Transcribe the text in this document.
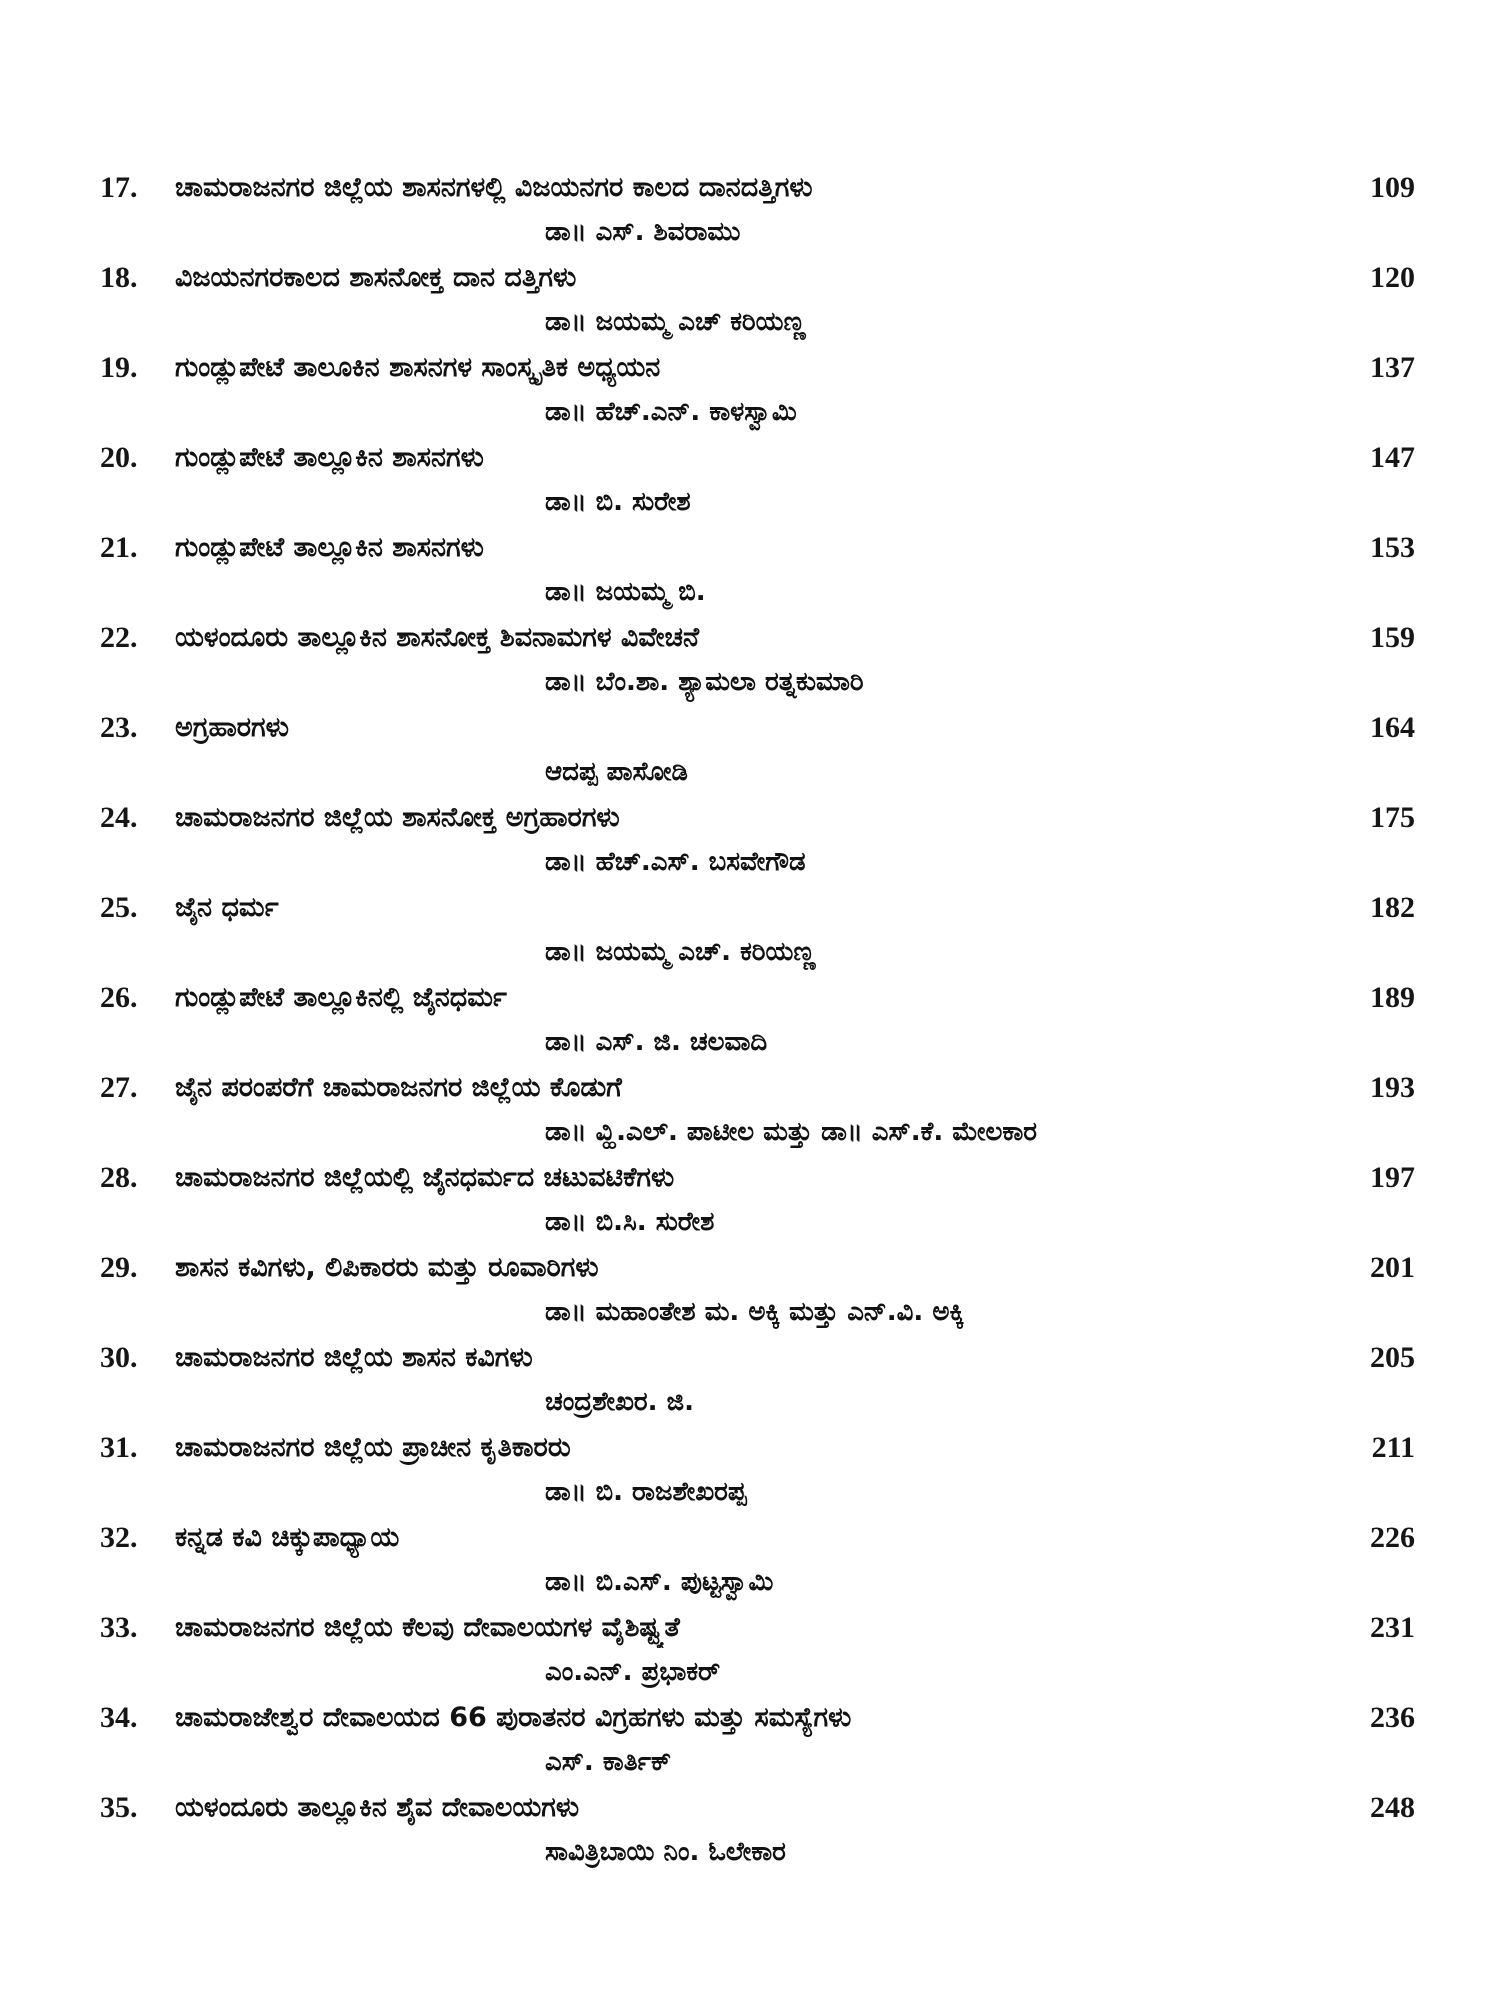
17.	ಚಾಮರಾಜನಗರ ಜಿಲ್ಲೆಯ ಶಾಸನಗಳಲ್ಲಿ ವಿಜಯನಗರ ಕಾಲದ ದಾನದತ್ತಿಗಳು	109
ಡಾ॥ ಎಸ್. ಶಿವರಾಮು
18.	ವಿಜಯನಗರಕಾಲದ ಶಾಸನೋಕ್ತ ದಾನ ದತ್ತಿಗಳು	120
ಡಾ॥ ಜಯಮ್ಮ ಎಚ್ ಕರಿಯಣ್ಣ
19.	ಗುಂಡ್ಲುಪೇಟೆ ತಾಲೂಕಿನ ಶಾಸನಗಳ ಸಾಂಸ್ಕೃತಿಕ ಅಧ್ಯಯನ	137
ಡಾ॥ ಹೆಚ್.ಎನ್. ಕಾಳಸ್ವಾಮಿ
20.	ಗುಂಡ್ಲುಪೇಟೆ ತಾಲ್ಲೂಕಿನ ಶಾಸನಗಳು	147
ಡಾ॥ ಬಿ. ಸುರೇಶ
21.	ಗುಂಡ್ಲುಪೇಟೆ ತಾಲ್ಲೂಕಿನ ಶಾಸನಗಳು	153
ಡಾ॥ ಜಯಮ್ಮ ಬಿ.
22.	ಯಳಂದೂರು ತಾಲ್ಲೂಕಿನ ಶಾಸನೋಕ್ತ ಶಿವನಾಮಗಳ ವಿವೇಚನೆ	159
ಡಾ॥ ಬೆಂ.ಶಾ. ಶ್ಯಾಮಲಾ ರತ್ನಕುಮಾರಿ
23.	ಅಗ್ರಹಾರಗಳು	164
ಆದಪ್ಪ ಪಾಸೋಡಿ
24.	ಚಾಮರಾಜನಗರ ಜಿಲ್ಲೆಯ ಶಾಸನೋಕ್ತ ಅಗ್ರಹಾರಗಳು	175
ಡಾ॥ ಹೆಚ್.ಎಸ್. ಬಸವೇಗೌಡ
25.	ಜೈನ ಧರ್ಮ	182
ಡಾ॥ ಜಯಮ್ಮ ಎಚ್. ಕರಿಯಣ್ಣ
26.	ಗುಂಡ್ಲುಪೇಟೆ ತಾಲ್ಲೂಕಿನಲ್ಲಿ ಜೈನಧರ್ಮ	189
ಡಾ॥ ಎಸ್. ಜಿ. ಚಲವಾದಿ
27.	ಜೈನ ಪರಂಪರೆಗೆ ಚಾಮರಾಜನಗರ ಜಿಲ್ಲೆಯ ಕೊಡುಗೆ	193
ಡಾ॥ ವ್ಹಿ.ಎಲ್. ಪಾಟೀಲ ಮತ್ತು ಡಾ॥ ಎಸ್.ಕೆ. ಮೇಲಕಾರ
28.	ಚಾಮರಾಜನಗರ ಜಿಲ್ಲೆಯಲ್ಲಿ ಜೈನಧರ್ಮದ ಚಟುವಟಿಕೆಗಳು	197
ಡಾ॥ ಬಿ.ಸಿ. ಸುರೇಶ
29.	ಶಾಸನ ಕವಿಗಳು, ಲಿಪಿಕಾರರು ಮತ್ತು ರೂವಾರಿಗಳು	201
ಡಾ॥ ಮಹಾಂತೇಶ ಮ. ಅಕ್ಕಿ ಮತ್ತು ಎನ್.ವಿ. ಅಕ್ಕಿ
30.	ಚಾಮರಾಜನಗರ ಜಿಲ್ಲೆಯ ಶಾಸನ ಕವಿಗಳು	205
ಚಂದ್ರಶೇಖರ. ಜಿ.
31.	ಚಾಮರಾಜನಗರ ಜಿಲ್ಲೆಯ ಪ್ರಾಚೀನ ಕೃತಿಕಾರರು	211
ಡಾ॥ ಬಿ. ರಾಜಶೇಖರಪ್ಪ
32.	ಕನ್ನಡ ಕವಿ ಚಿಕ್ಕುಪಾಧ್ಯಾಯ	226
ಡಾ॥ ಬಿ.ಎಸ್. ಪುಟ್ಟಸ್ವಾಮಿ
33.	ಚಾಮರಾಜನಗರ ಜಿಲ್ಲೆಯ ಕೆಲವು ದೇವಾಲಯಗಳ ವೈಶಿಷ್ಟ್ಯತೆ	231
ಎಂ.ಎನ್. ಪ್ರಭಾಕರ್
34.	ಚಾಮರಾಜೇಶ್ವರ ದೇವಾಲಯದ 66 ಪುರಾತನರ ವಿಗ್ರಹಗಳು ಮತ್ತು ಸಮಸ್ಯೆಗಳು	236
ಎಸ್. ಕಾರ್ತಿಕ್
35.	ಯಳಂದೂರು ತಾಲ್ಲೂಕಿನ ಶೈವ ದೇವಾಲಯಗಳು	248
ಸಾವಿತ್ರಿಬಾಯಿ ನಿಂ. ಓಲೇಕಾರ
